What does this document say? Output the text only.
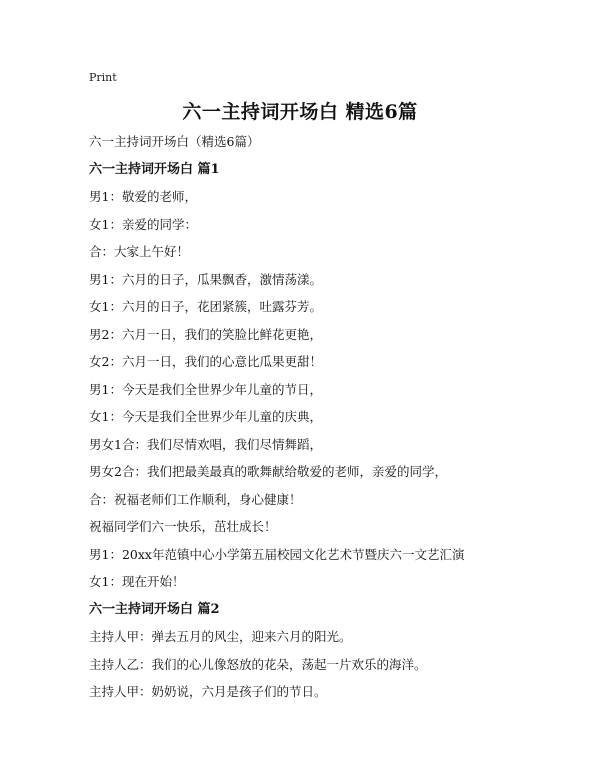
Print
六一主持词开场白 精选6篇
六一主持词开场白（精选6篇）
六一主持词开场白 篇1
男1：敬爱的老师，
女1：亲爱的同学：
合：大家上午好！
男1：六月的日子，瓜果飘香，激情荡漾。
女1：六月的日子，花团紧簇，吐露芬芳。
男2：六月一日，我们的笑脸比鲜花更艳，
女2：六月一日，我们的心意比瓜果更甜！
男1：今天是我们全世界少年儿童的节日，
女1：今天是我们全世界少年儿童的庆典，
男女1合：我们尽情欢唱，我们尽情舞蹈，
男女2合：我们把最美最真的歌舞献给敬爱的老师，亲爱的同学，
合：祝福老师们工作顺利，身心健康！
祝福同学们六一快乐，茁壮成长！
男1：20xx年范镇中心小学第五届校园文化艺术节暨庆六一文艺汇演
女1：现在开始！
六一主持词开场白 篇2
主持人甲：弹去五月的风尘，迎来六月的阳光。
主持人乙：我们的心儿像怒放的花朵，荡起一片欢乐的海洋。
主持人甲：奶奶说，六月是孩子们的节日。
